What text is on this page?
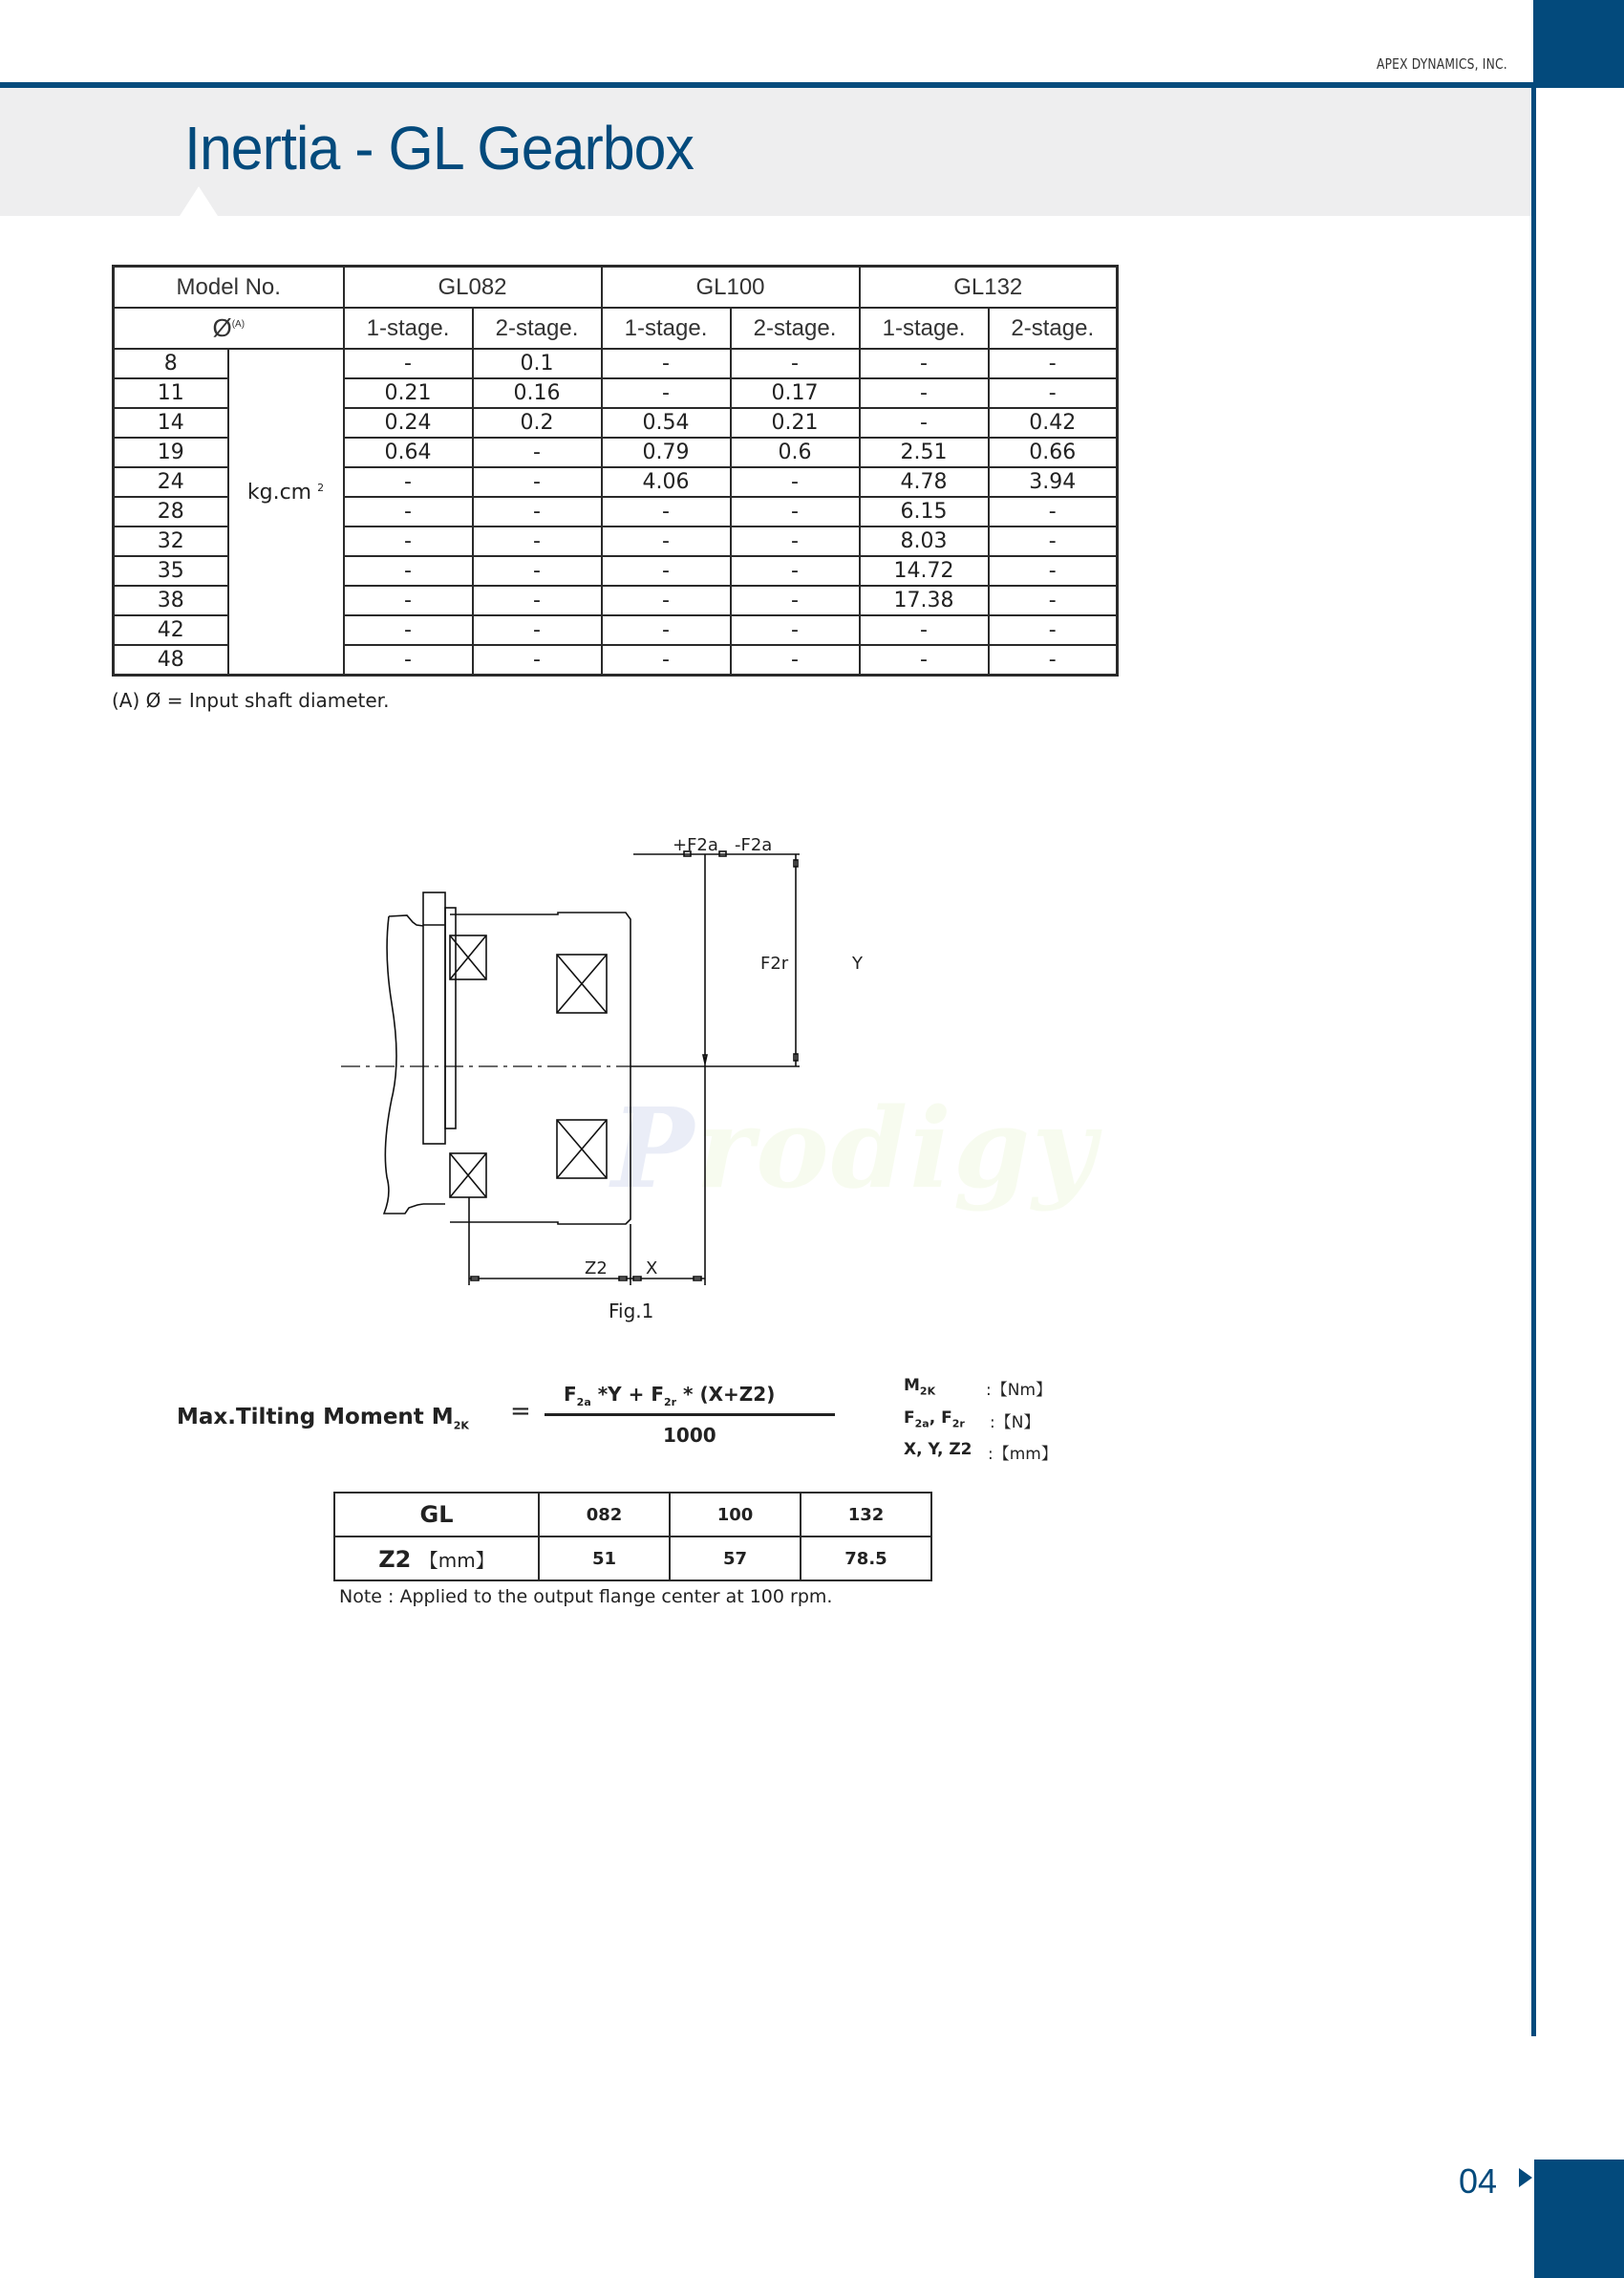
APEX DYNAMICS, INC.
Inertia - GL Gearbox
Model No.		GL082		GL100		GL132	
$Ø^{(A)}$		1-stage.	2-stage.	1-stage.	2-stage.	1-stage.	2-stage.
8	kg.cm $^2$	-	0.1	-	-	-	-
11		0.21	0.16	-	0.17	-	-
14		0.24	0.2	0.54	0.21	-	0.42
19		0.64	-	0.79	0.6	2.51	0.66
24		-	-	4.06	-	4.78	3.94
28		-	-	-	-	6.15	-
32		-	-	-	-	8.03	-
35		-	-	-	-	14.72	-
38		-	-	-	-	17.38	-
42		-	-	-	-	-	-
48		-	-	-	-	-	-
(A) Ø = Input shaft diameter.
Prodigy
+F2a -F2a
F2r	Y
Z2 X
Fig.1
Max.Tilting Moment $M_{2K}$
=
$F_{2a}$ $*Y + F_{2r} * (X+Z2)$
1000
$M_{2K}$	:【Nm】
$F_{2a}$, $F_{2r}$ :【N】
X, Y, Z2 :【mm】
GL	082	100	132
Z2 【mm】	51	57	78.5
Note : Applied to the output flange center at 100 rpm.
04
